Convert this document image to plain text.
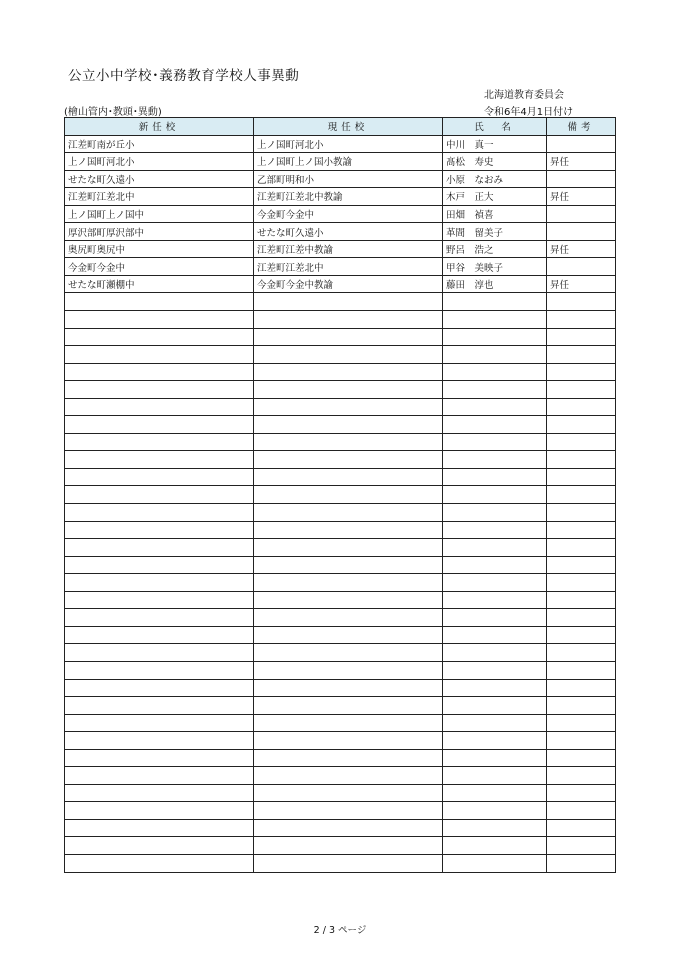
公立小中学校･義務教育学校人事異動
北海道教育委員会
(檜山管内･教頭･異動)	令和6年4月1日付け
新任校	現任校	氏　名	備考
江差町南が丘小	上ノ国町河北小	中川　真一	
上ノ国町河北小	上ノ国町上ノ国小教諭	髙松　寿史	昇任
せたな町久遠小	乙部町明和小	小原　なおみ	
江差町江差北中	江差町江差北中教諭	木戸　正大	昇任
上ノ国町上ノ国中	今金町今金中	田畑　禎喜	
厚沢部町厚沢部中	せたな町久遠小	革間　留美子	
奥尻町奥尻中	江差町江差中教諭	野呂　浩之	昇任
今金町今金中	江差町江差北中	甲谷　美映子	
せたな町瀬棚中	今金町今金中教諭	藤田　淳也	昇任

2 / 3 ページ
